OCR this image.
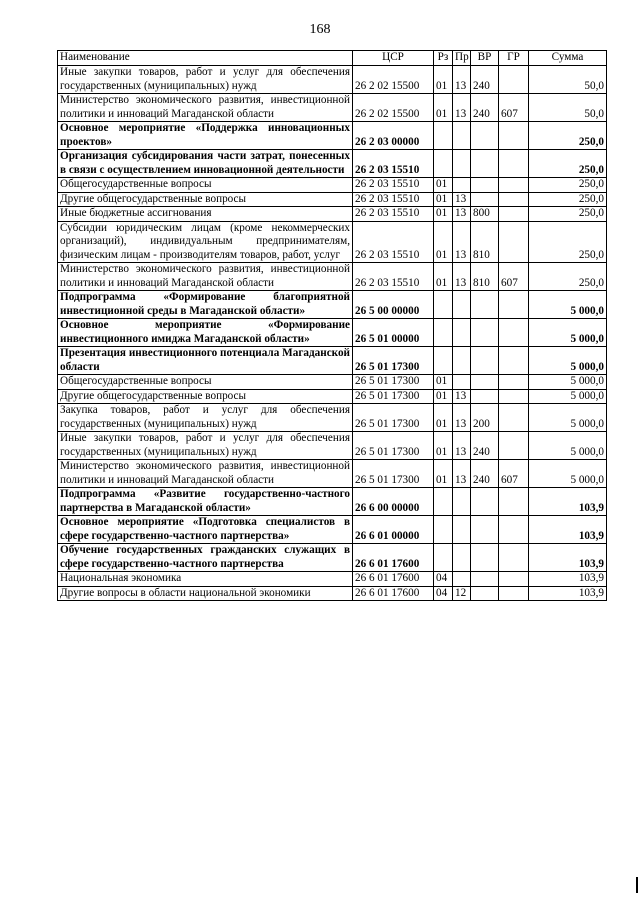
168
Наименование	ЦСР	Рз	Пр	ВР	ГР	Сумма
Иные закупки товаров, работ и услуг для обеспечения государственных (муниципальных) нужд	26 2 02 15500	01	13	240		50,0
Министерство экономического развития, инвестиционной политики и инноваций Магаданской области	26 2 02 15500	01	13	240	607	50,0
Основное мероприятие «Поддержка инновационных проектов»	26 2 03 00000					250,0
Организация субсидирования части затрат, понесенных в связи с осуществлением инновационной деятельности	26 2 03 15510					250,0
Общегосударственные вопросы	26 2 03 15510	01				250,0
Другие общегосударственные вопросы	26 2 03 15510	01	13			250,0
Иные бюджетные ассигнования	26 2 03 15510	01	13	800		250,0
Субсидии юридическим лицам (кроме некоммерческих организаций), индивидуальным предпринимателям, физическим лицам - производителям товаров, работ, услуг	26 2 03 15510	01	13	810		250,0
Министерство экономического развития, инвестиционной политики и инноваций Магаданской области	26 2 03 15510	01	13	810	607	250,0
Подпрограмма «Формирование благоприятной инвестиционной среды в Магаданской области»	26 5 00 00000					5 000,0
Основное мероприятие «Формирование инвестиционного имиджа Магаданской области»	26 5 01 00000					5 000,0
Презентация инвестиционного потенциала Магаданской области	26 5 01 17300					5 000,0
Общегосударственные вопросы	26 5 01 17300	01				5 000,0
Другие общегосударственные вопросы	26 5 01 17300	01	13			5 000,0
Закупка товаров, работ и услуг для обеспечения государственных (муниципальных) нужд	26 5 01 17300	01	13	200		5 000,0
Иные закупки товаров, работ и услуг для обеспечения государственных (муниципальных) нужд	26 5 01 17300	01	13	240		5 000,0
Министерство экономического развития, инвестиционной политики и инноваций Магаданской области	26 5 01 17300	01	13	240	607	5 000,0
Подпрограмма «Развитие государственно-частного партнерства в Магаданской области»	26 6 00 00000					103,9
Основное мероприятие «Подготовка специалистов в сфере государственно-частного партнерства»	26 6 01 00000					103,9
Обучение государственных гражданских служащих в сфере государственно-частного партнерства	26 6 01 17600					103,9
Национальная экономика	26 6 01 17600	04				103,9
Другие вопросы в области национальной экономики	26 6 01 17600	04	12			103,9
